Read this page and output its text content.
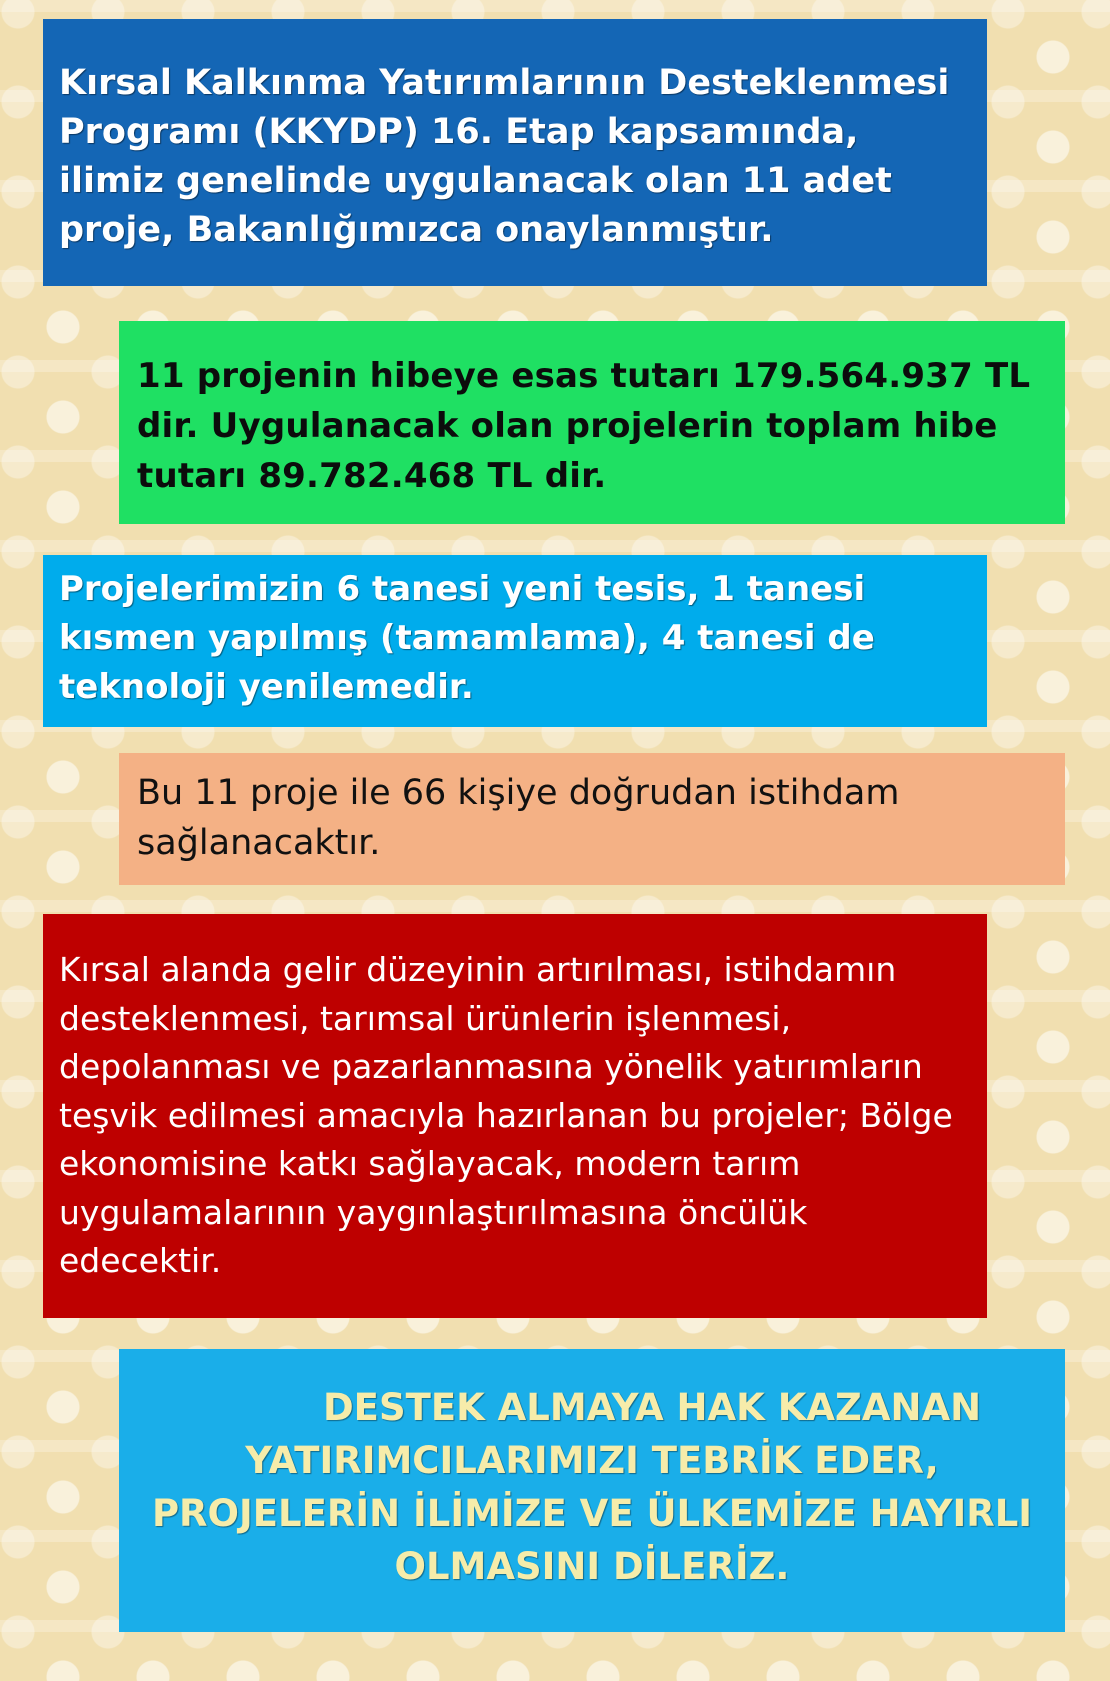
Kırsal Kalkınma Yatırımlarının Desteklenmesi Programı (KKYDP) 16. Etap kapsamında, ilimiz genelinde uygulanacak olan 11 adet proje, Bakanlığımızca onaylanmıştır.

11 projenin hibeye esas tutarı 179.564.937 TL dir. Uygulanacak olan projelerin toplam hibe tutarı 89.782.468 TL dir.

Projelerimizin 6 tanesi yeni tesis, 1 tanesi kısmen yapılmış (tamamlama), 4 tanesi de teknoloji yenilemedir.

Bu 11 proje ile 66 kişiye doğrudan istihdam sağlanacaktır.

Kırsal alanda gelir düzeyinin artırılması, istihdamın desteklenmesi, tarımsal ürünlerin işlenmesi, depolanması ve pazarlanmasına yönelik yatırımların teşvik edilmesi amacıyla hazırlanan bu projeler; Bölge ekonomisine katkı sağlayacak, modern tarım uygulamalarının yaygınlaştırılmasına öncülük edecektir.

DESTEK ALMAYA HAK KAZANAN YATIRIMCILARIMIZI TEBRİK EDER, PROJELERİN İLİMİZE VE ÜLKEMİZE HAYIRLI OLMASINI DİLERİZ.
